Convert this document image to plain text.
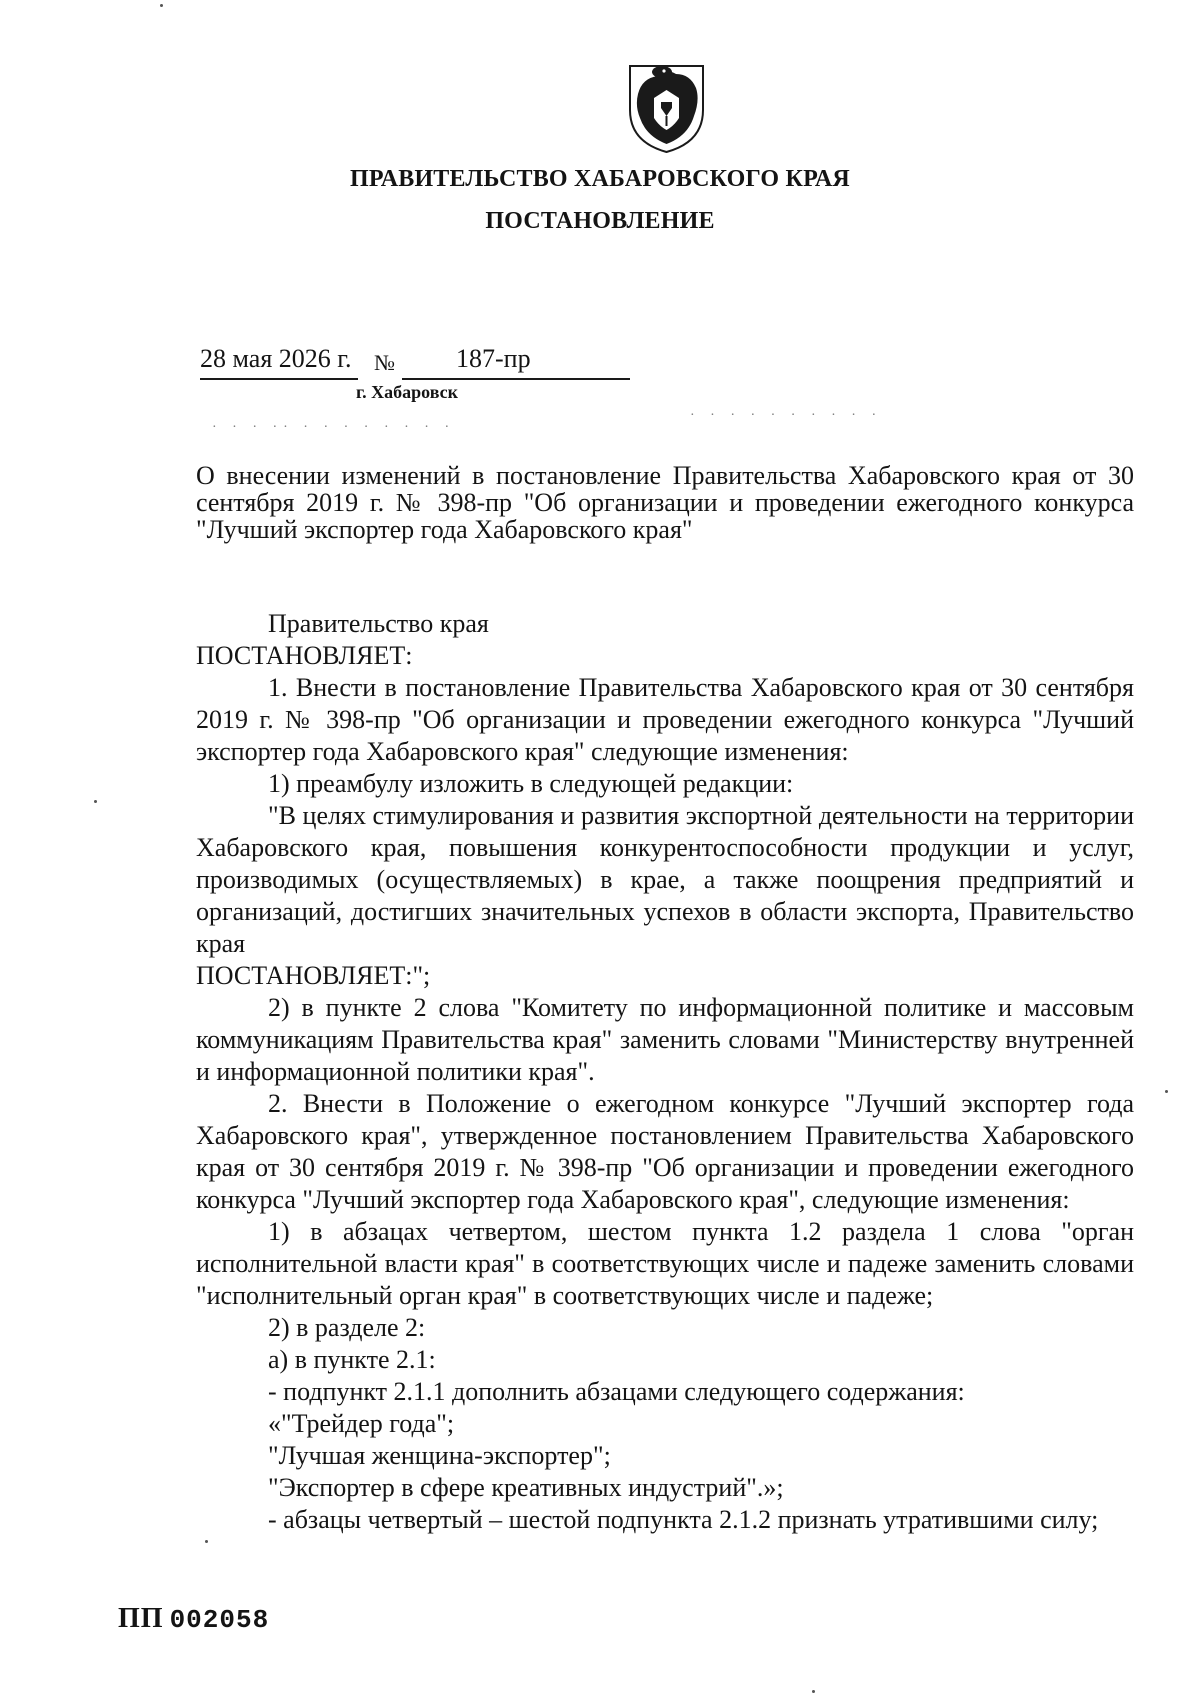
ПРАВИТЕЛЬСТВО ХАБАРОВСКОГО КРАЯ
ПОСТАНОВЛЕНИЕ
28 мая 2026 г. № 187-пр
г. Хабаровск
· · · ·· · · · · · · · ·
· · · · · · · · · ·
О внесении изменений в постановление Правительства Хабаровского края от 30 сентября 2019 г. № 398-пр "Об организации и проведении ежегодного конкурса "Лучший экспортер года Хабаровского края"

Правительство края

ПОСТАНОВЛЯЕТ:

1. Внести в постановление Правительства Хабаровского края от 30 сентября 2019 г. № 398-пр "Об организации и проведении ежегодного конкурса "Лучший экспортер года Хабаровского края" следующие изменения:

1) преамбулу изложить в следующей редакции:

"В целях стимулирования и развития экспортной деятельности на территории Хабаровского края, повышения конкурентоспособности продукции и услуг, производимых (осуществляемых) в крае, а также поощрения предприятий и организаций, достигших значительных успехов в области экспорта, Правительство края

ПОСТАНОВЛЯЕТ:";

2) в пункте 2 слова "Комитету по информационной политике и массовым коммуникациям Правительства края" заменить словами "Министерству внутренней и информационной политики края".

2. Внести в Положение о ежегодном конкурсе "Лучший экспортер года Хабаровского края", утвержденное постановлением Правительства Хабаровского края от 30 сентября 2019 г. № 398-пр "Об организации и проведении ежегодного конкурса "Лучший экспортер года Хабаровского края", следующие изменения:

1) в абзацах четвертом, шестом пункта 1.2 раздела 1 слова "орган исполнительной власти края" в соответствующих числе и падеже заменить словами "исполнительный орган края" в соответствующих числе и падеже;

2) в разделе 2:

а) в пункте 2.1:

- подпункт 2.1.1 дополнить абзацами следующего содержания:

«"Трейдер года";

"Лучшая женщина-экспортер";

"Экспортер в сфере креативных индустрий".»;

- абзацы четвертый – шестой подпункта 2.1.2 признать утратившими силу;

ПП 002058
